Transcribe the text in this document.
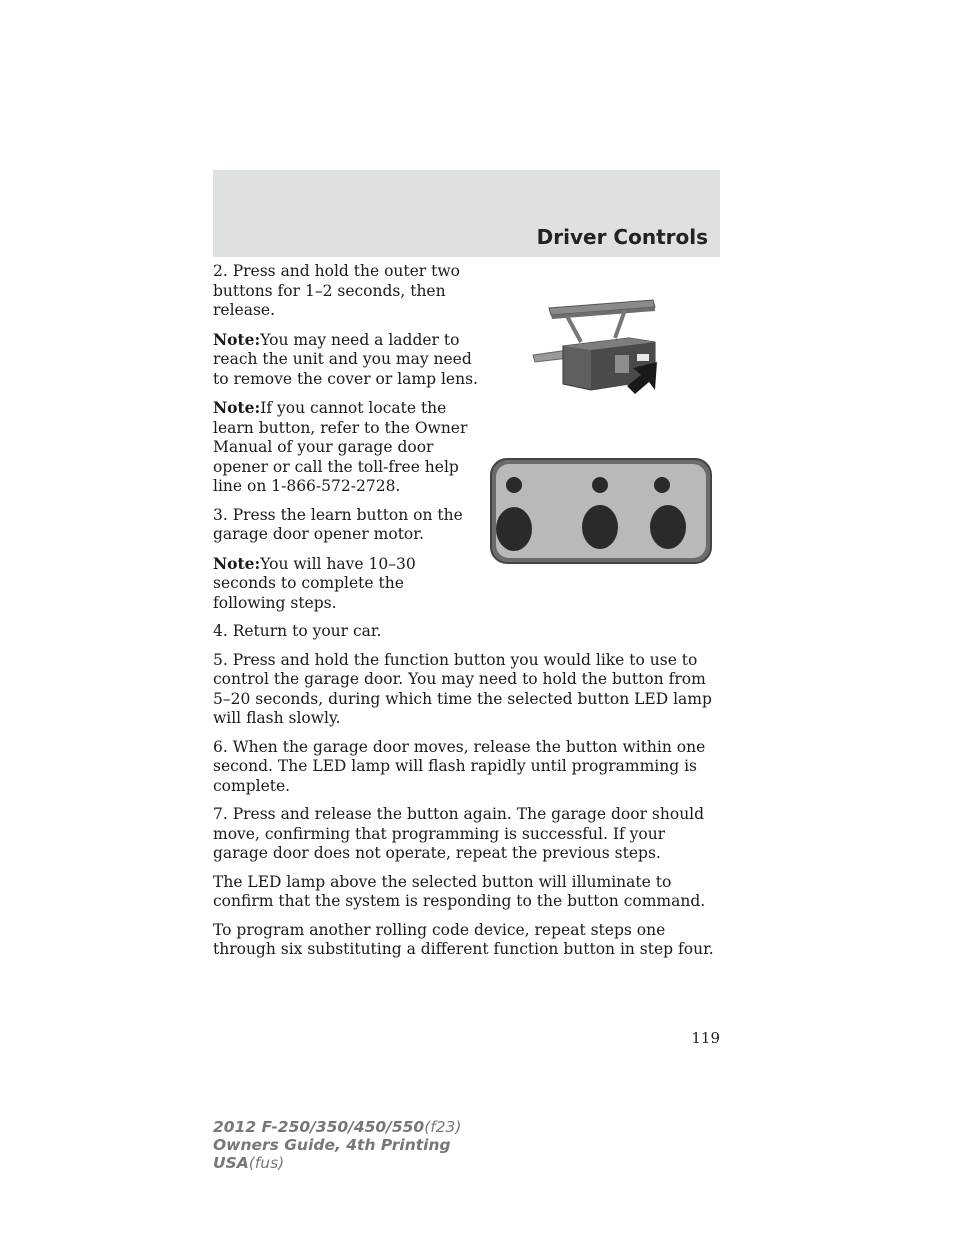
Driver Controls

2. Press and hold the outer two buttons for 1–2 seconds, then release.

Note:You may need a ladder to reach the unit and you may need to remove the cover or lamp lens.

Note:If you cannot locate the learn button, refer to the Owner Manual of your garage door opener or call the toll-free help line on 1-866-572-2728.

3. Press the learn button on the garage door opener motor.

Note:You will have 10–30 seconds to complete the following steps.

4. Return to your car.

5. Press and hold the function button you would like to use to control the garage door. You may need to hold the button from 5–20 seconds, during which time the selected button LED lamp will flash slowly.

6. When the garage door moves, release the button within one second. The LED lamp will flash rapidly until programming is complete.

7. Press and release the button again. The garage door should move, confirming that programming is successful. If your garage door does not operate, repeat the previous steps.

The LED lamp above the selected button will illuminate to confirm that the system is responding to the button command.

To program another rolling code device, repeat steps one through six substituting a different function button in step four.

119
2012 F-250/350/450/550(f23)
Owners Guide, 4th Printing
USA(fus)
